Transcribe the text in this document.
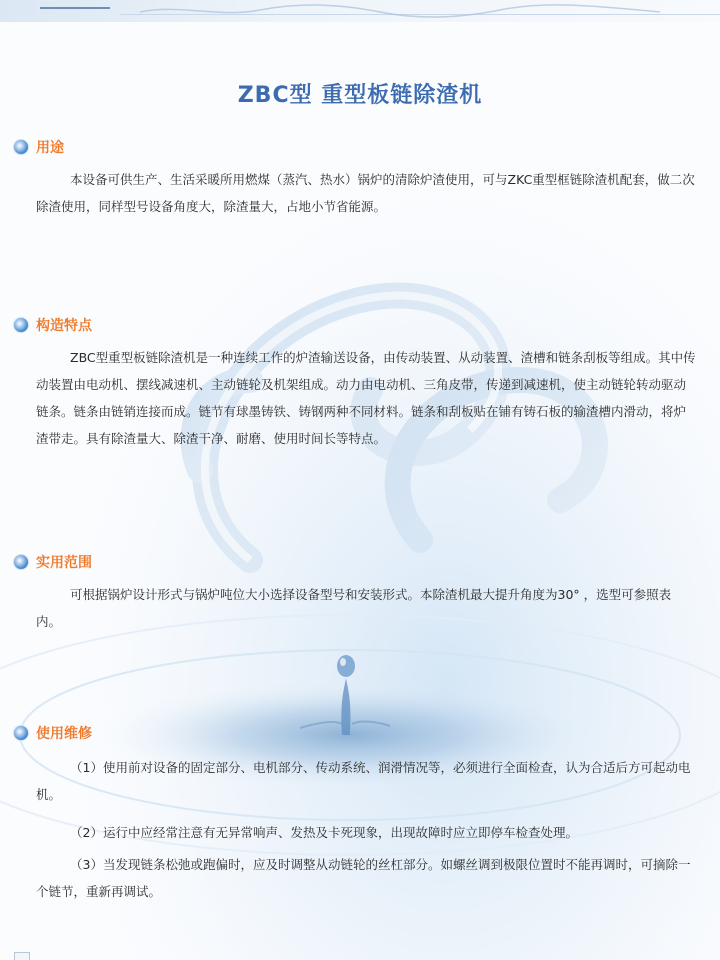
ZBC型 重型板链除渣机
用途

本设备可供生产、生活采暖所用燃煤（蒸汽、热水）锅炉的清除炉渣使用，可与ZKC重型框链除渣机配套，做二次除渣使用，同样型号设备角度大，除渣量大，占地小节省能源。

构造特点

ZBC型重型板链除渣机是一种连续工作的炉渣输送设备，由传动装置、从动装置、渣槽和链条刮板等组成。其中传动装置由电动机、摆线减速机、主动链轮及机架组成。动力由电动机、三角皮带，传递到减速机，使主动链轮转动驱动链条。链条由链销连接而成。链节有球墨铸铁、铸钢两种不同材料。链条和刮板贴在铺有铸石板的输渣槽内滑动，将炉渣带走。具有除渣量大、除渣干净、耐磨、使用时间长等特点。

实用范围

可根据锅炉设计形式与锅炉吨位大小选择设备型号和安装形式。本除渣机最大提升角度为30° ，选型可参照表内。

使用维修

（1）使用前对设备的固定部分、电机部分、传动系统、润滑情况等，必须进行全面检查，认为合适后方可起动电机。

（2）运行中应经常注意有无异常响声、发热及卡死现象，出现故障时应立即停车检查处理。

（3）当发现链条松弛或跑偏时，应及时调整从动链轮的丝杠部分。如螺丝调到极限位置时不能再调时，可摘除一个链节，重新再调试。
